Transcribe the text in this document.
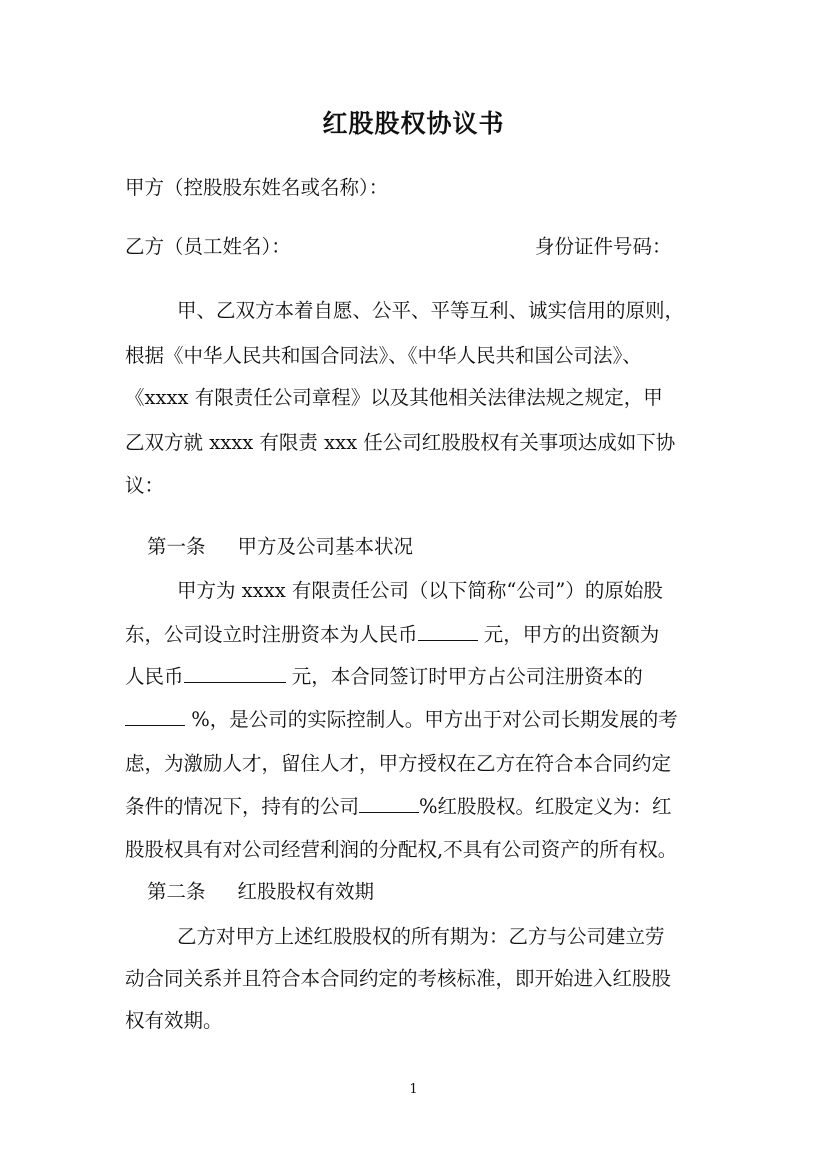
红股股权协议书
甲方（控股股东姓名或名称）：
乙方（员工姓名）：	身份证件号码：
甲、乙双方本着自愿、公平、平等互利、诚实信用的原则，
根据《中华人民共和国合同法》、《中华人民共和国公司法》、
《xxxx 有限责任公司章程》以及其他相关法律法规之规定，甲
乙双方就 xxxx 有限责 xxx 任公司红股股权有关事项达成如下协
议：
第一条 甲方及公司基本状况
甲方为 xxxx 有限责任公司（以下简称“公司”）的原始股
东，公司设立时注册资本为人民币	元，甲方的出资额为
人民币	元，本合同签订时甲方占公司注册资本的
%，是公司的实际控制人。甲方出于对公司长期发展的考
虑，为激励人才，留住人才，甲方授权在乙方在符合本合同约定
条件的情况下，持有的公司	%红股股权。红股定义为：红
股股权具有对公司经营利润的分配权,不具有公司资产的所有权。
第二条 红股股权有效期
乙方对甲方上述红股股权的所有期为：乙方与公司建立劳
动合同关系并且符合本合同约定的考核标准，即开始进入红股股
权有效期。
1
